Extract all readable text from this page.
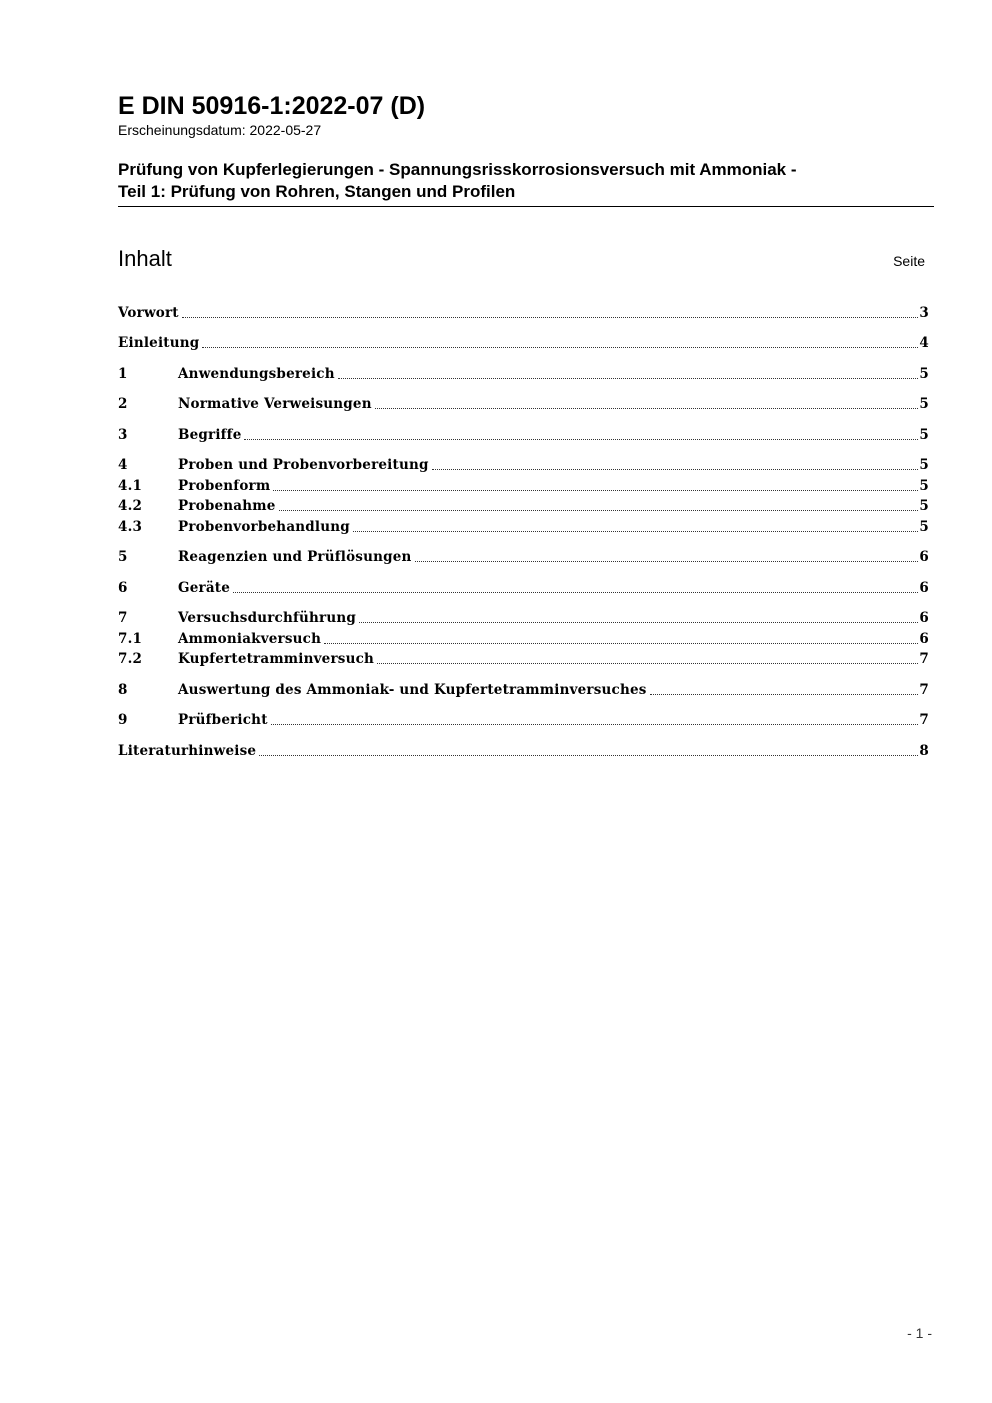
E DIN 50916-1:2022-07 (D)
Erscheinungsdatum: 2022-05-27
Prüfung von Kupferlegierungen - Spannungsrisskorrosionsversuch mit Ammoniak -
Teil 1: Prüfung von Rohren, Stangen und Profilen
Inhalt	Seite
Vorwort	3
Einleitung	4
1	Anwendungsbereich	5
2	Normative Verweisungen	5
3	Begriffe	5
4	Proben und Probenvorbereitung	5
4.1	Probenform	5
4.2	Probenahme	5
4.3	Probenvorbehandlung	5
5	Reagenzien und Prüflösungen	6
6	Geräte	6
7	Versuchsdurchführung	6
7.1	Ammoniakversuch	6
7.2	Kupfertetramminversuch	7
8	Auswertung des Ammoniak- und Kupfertetramminversuches	7
9	Prüfbericht	7
Literaturhinweise	8
- 1 -
